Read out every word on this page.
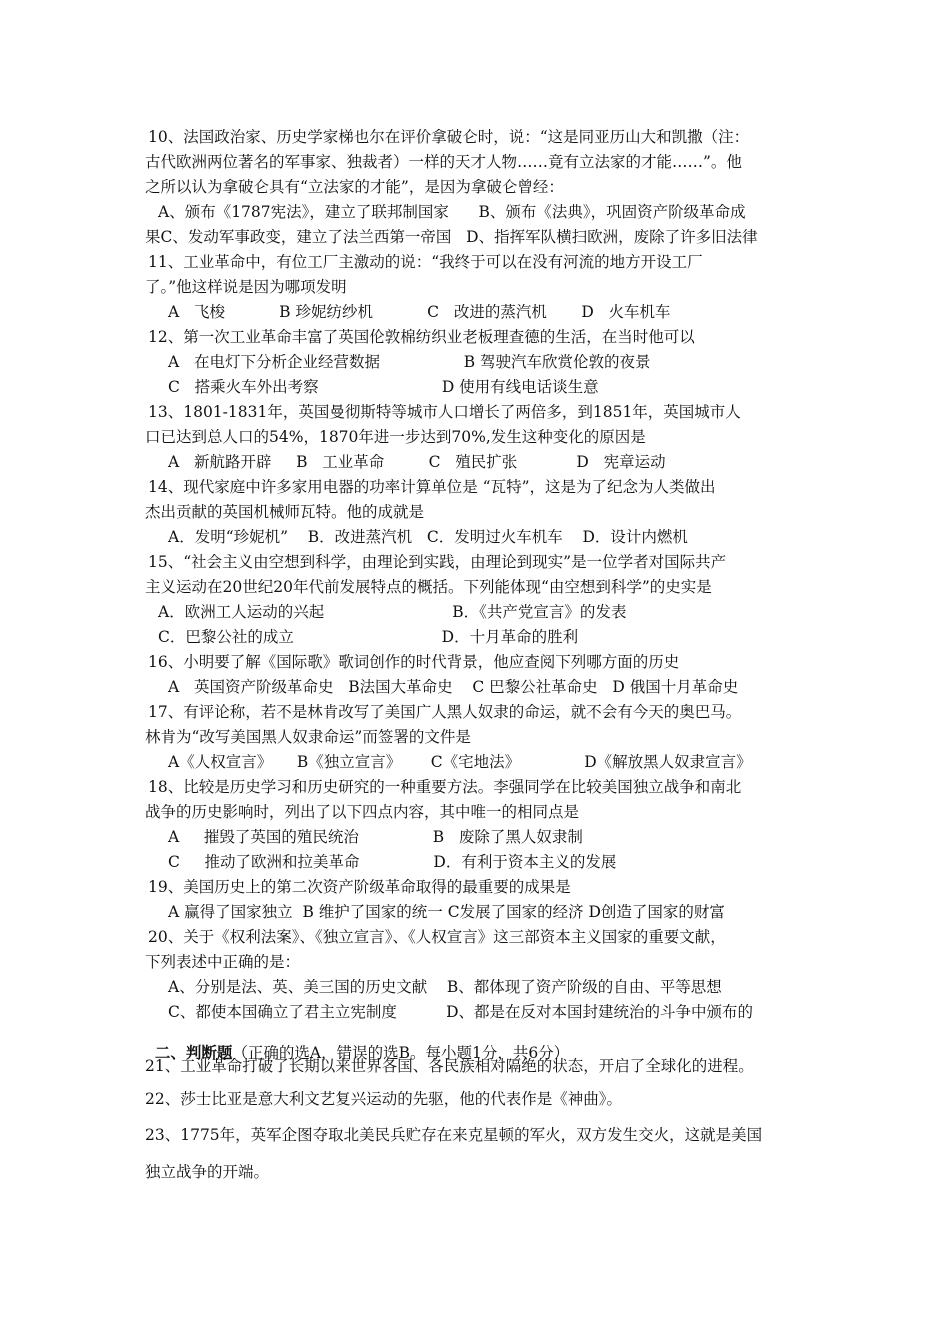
10、法国政治家、历史学家梯也尔在评价拿破仑时，说：“这是同亚历山大和凯撒（注：
古代欧洲两位著名的军事家、独裁者）一样的天才人物……竟有立法家的才能……”。他
之所以认为拿破仑具有“立法家的才能”，是因为拿破仑曾经：
A、颁布《1787宪法》，建立了联邦制国家      B、颁布《法典》，巩固资产阶级革命成
果C、发动军事政变，建立了法兰西第一帝国   D、指挥军队横扫欧洲，废除了许多旧法律
11、工业革命中，有位工厂主激动的说：“我终于可以在没有河流的地方开设工厂
了。”他这样说是因为哪项发明
A   飞梭           B 珍妮纺纱机           C   改进的蒸汽机       D   火车机车
12、第一次工业革命丰富了英国伦敦棉纺织业老板理查德的生活，在当时他可以
A   在电灯下分析企业经营数据                 B 驾驶汽车欣赏伦敦的夜景
C   搭乘火车外出考察                         D 使用有线电话谈生意
13、1801-1831年，英国曼彻斯特等城市人口增长了两倍多，到1851年，英国城市人
口已达到总人口的54%，1870年进一步达到70%,发生这种变化的原因是
A   新航路开辟     B   工业革命         C   殖民扩张            D   宪章运动
14、现代家庭中许多家用电器的功率计算单位是 “瓦特”，这是为了纪念为人类做出
杰出贡献的英国机械师瓦特。他的成就是
A．发明“珍妮机”    B．改进蒸汽机   C．发明过火车机车    D．设计内燃机
15、“社会主义由空想到科学，由理论到实践，由理论到现实”是一位学者对国际共产
主义运动在20世纪20年代前发展特点的概括。下列能体现“由空想到科学”的史实是
A．欧洲工人运动的兴起                          B．《共产党宣言》的发表
C．巴黎公社的成立                              D．十月革命的胜利
16、小明要了解《国际歌》歌词创作的时代背景，他应查阅下列哪方面的历史
A   英国资产阶级革命史   B法国大革命史    C 巴黎公社革命史   D 俄国十月革命史
17、有评论称，若不是林肯改写了美国广人黑人奴隶的命运，就不会有今天的奥巴马。
林肯为“改写美国黑人奴隶命运”而签署的文件是
A《人权宣言》     B《独立宣言》      C《宅地法》             D《解放黑人奴隶宣言》
18、比较是历史学习和历史研究的一种重要方法。李强同学在比较美国独立战争和南北
战争的历史影响时，列出了以下四点内容，其中唯一的相同点是
A     摧毁了英国的殖民统治               B   废除了黑人奴隶制
C     推动了欧洲和拉美革命               D．有利于资本主义的发展
19、美国历史上的第二次资产阶级革命取得的最重要的成果是
A 赢得了国家独立  B 维护了国家的统一 C发展了国家的经济 D创造了国家的财富
20、关于《权利法案》、《独立宣言》、《人权宣言》这三部资本主义国家的重要文献，
下列表述中正确的是：
A、分别是法、英、美三国的历史文献    B、都体现了资产阶级的自由、平等思想
C、都使本国确立了君主立宪制度          D、都是在反对本国封建统治的斗争中颁布的

二、判断题（正确的选A，错误的选B。每小题1分，共6分）

21、工业革命打破了长期以来世界各国、各民族相对隔绝的状态，开启了全球化的进程。
22、莎士比亚是意大利文艺复兴运动的先驱，他的代表作是《神曲》。
23、1775年，英军企图夺取北美民兵贮存在来克星顿的军火，双方发生交火，这就是美国
独立战争的开端。
